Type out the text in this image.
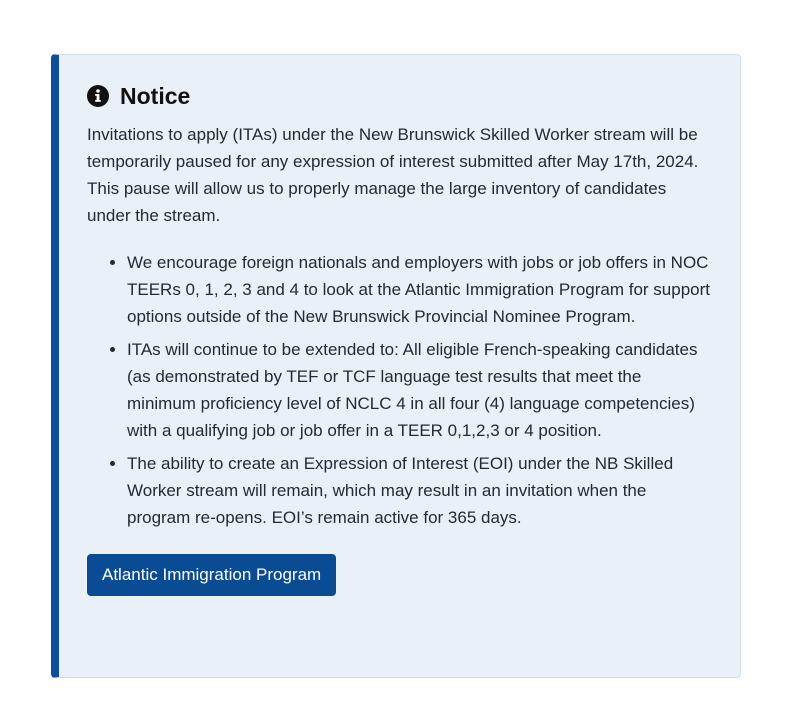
Notice

Invitations to apply (ITAs) under the New Brunswick Skilled Worker stream will be temporarily paused for any expression of interest submitted after May 17th, 2024. This pause will allow us to properly manage the large inventory of candidates under the stream.

• We encourage foreign nationals and employers with jobs or job offers in NOC TEERs 0, 1, 2, 3 and 4 to look at the Atlantic Immigration Program for support options outside of the New Brunswick Provincial Nominee Program.
• ITAs will continue to be extended to: All eligible French-speaking candidates (as demonstrated by TEF or TCF language test results that meet the minimum proficiency level of NCLC 4 in all four (4) language competencies) with a qualifying job or job offer in a TEER 0,1,2,3 or 4 position.
• The ability to create an Expression of Interest (EOI) under the NB Skilled Worker stream will remain, which may result in an invitation when the program re-opens. EOI’s remain active for 365 days.
Atlantic Immigration Program
